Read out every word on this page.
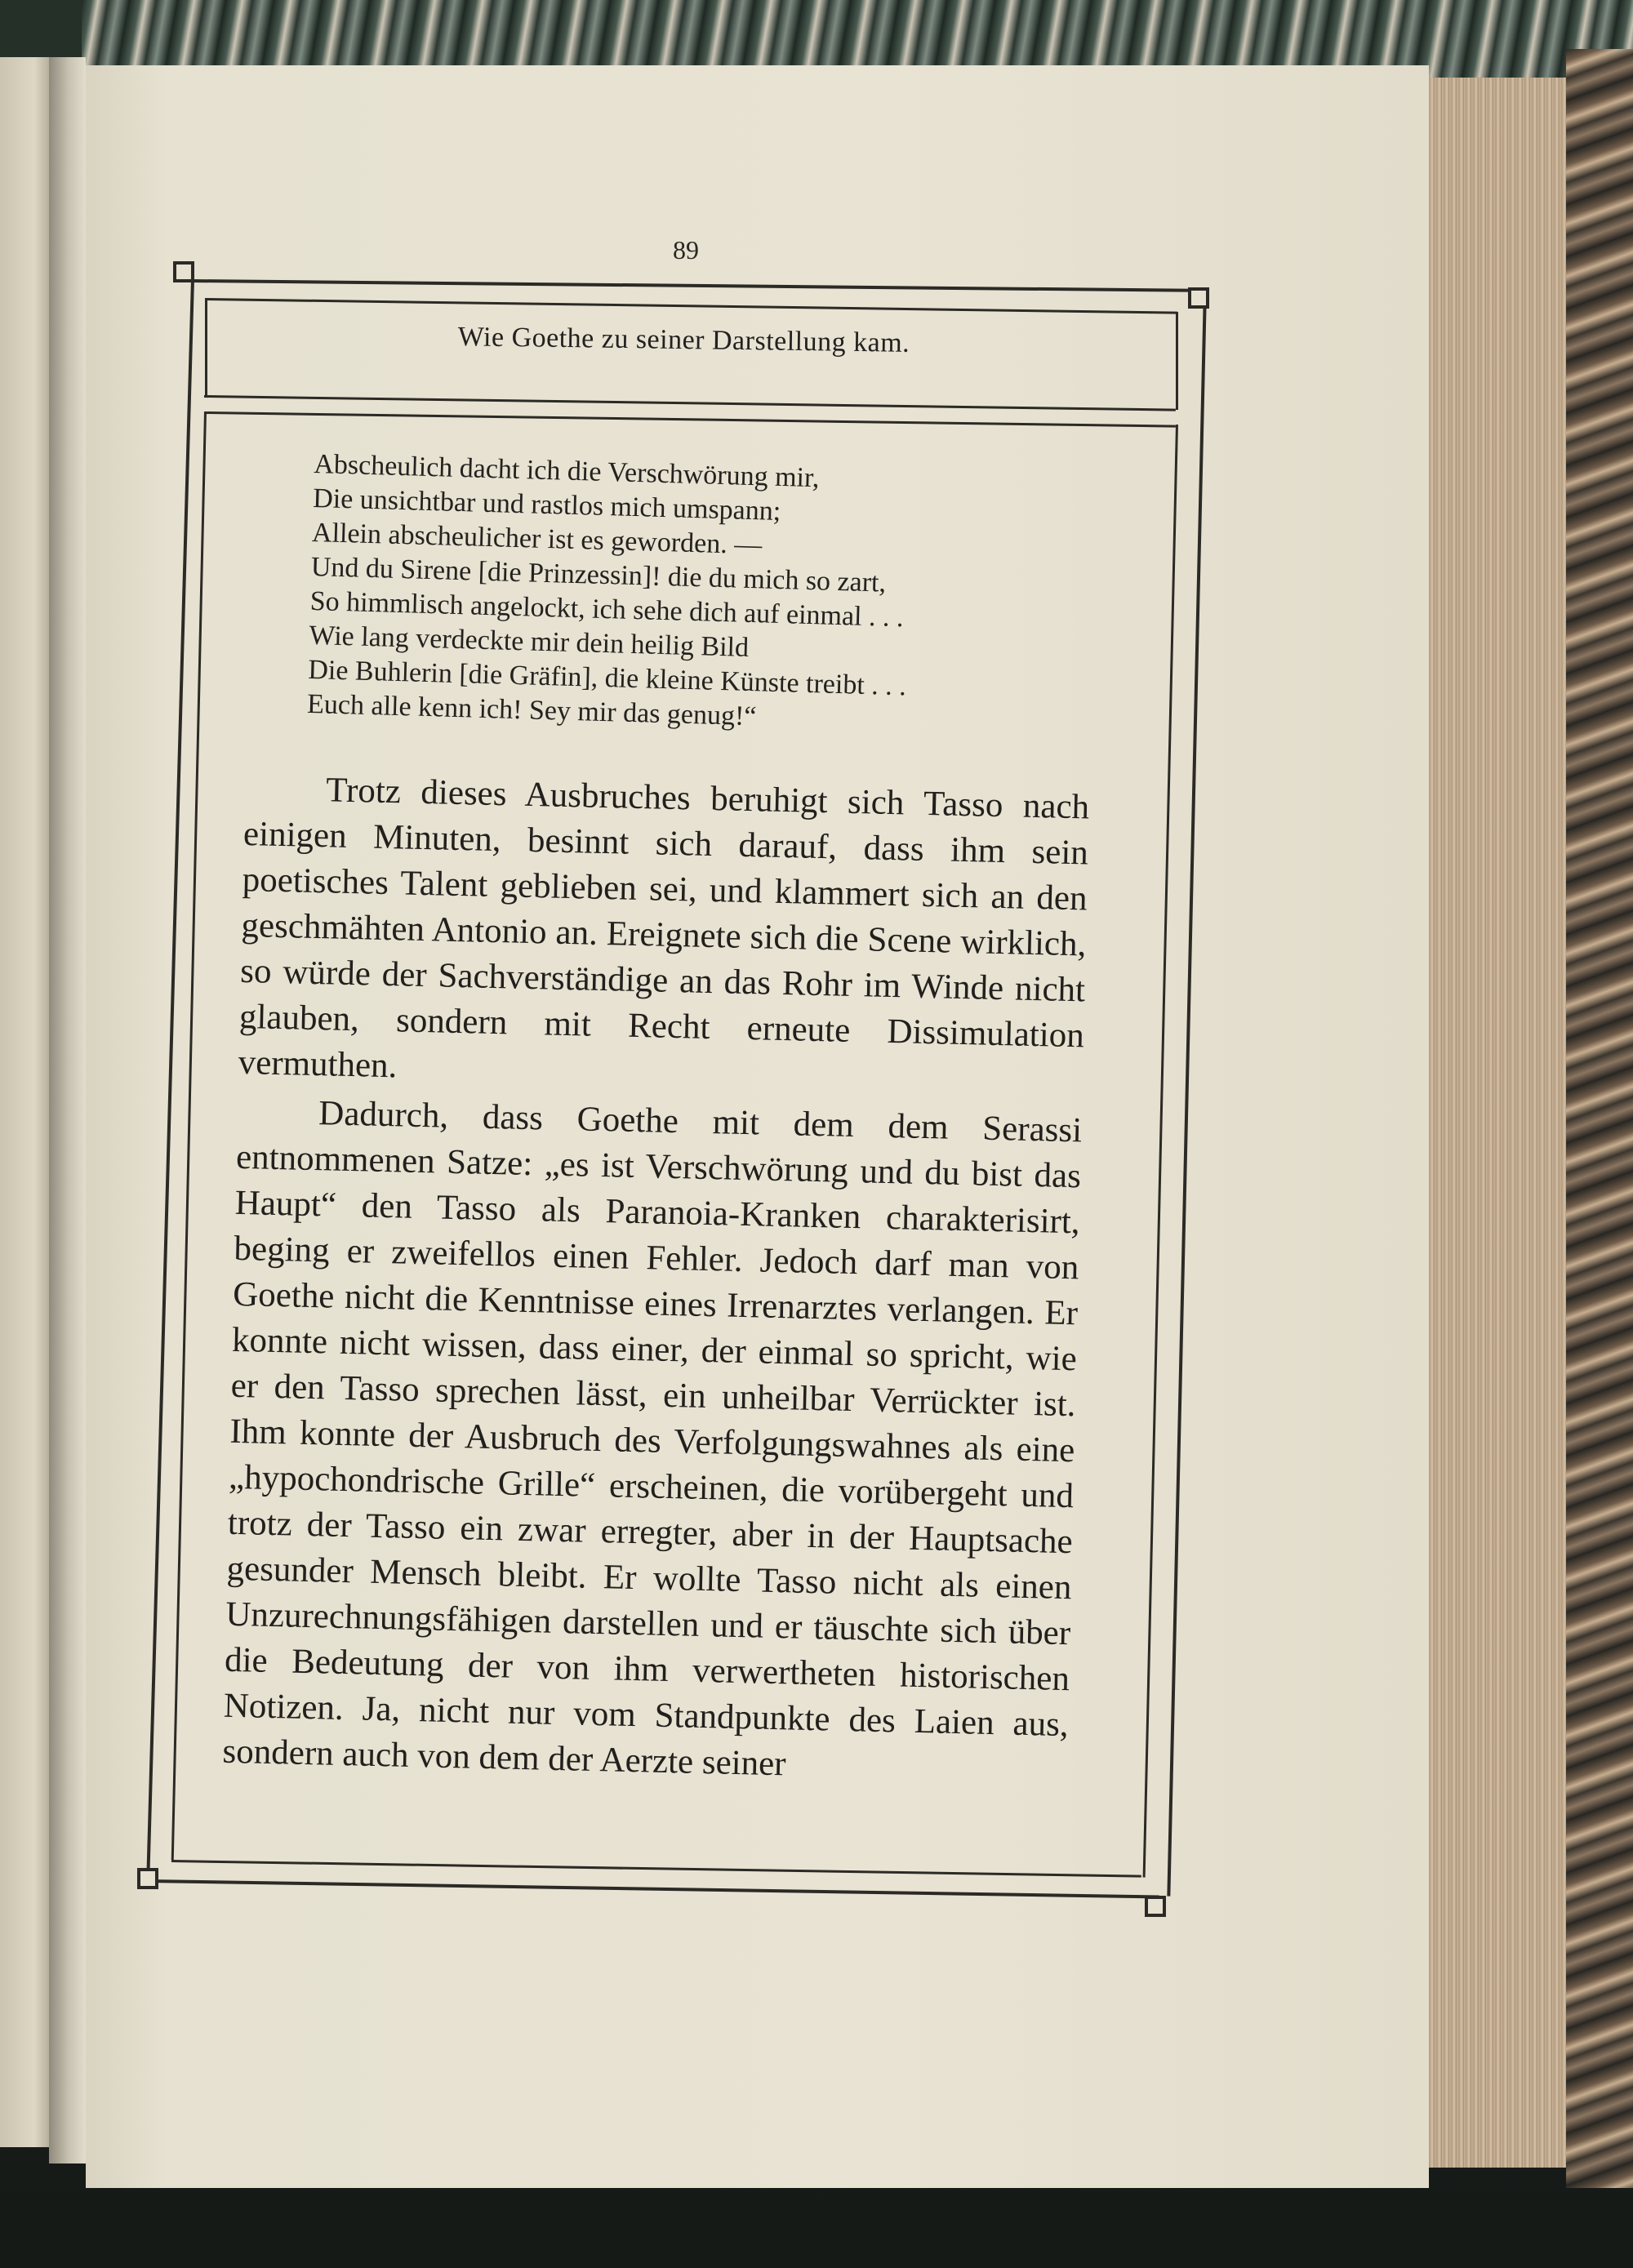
89
Wie Goethe zu seiner Darstellung kam.
Abscheulich dacht ich die Verschwörung mir,
Die unsichtbar und rastlos mich umspann;
Allein abscheulicher ist es geworden. —
Und du Sirene [die Prinzessin]! die du mich so zart,
So himmlisch angelockt, ich sehe dich auf einmal . . .
Wie lang verdeckte mir dein heilig Bild
Die Buhlerin [die Gräfin], die kleine Künste treibt . . .
Euch alle kenn ich! Sey mir das genug!“

Trotz dieses Ausbruches beruhigt sich Tasso nach einigen Minuten, besinnt sich darauf, dass ihm sein poetisches Talent geblieben sei, und klammert sich an den geschmähten Antonio an. Ereignete sich die Scene wirklich, so würde der Sachverständige an das Rohr im Winde nicht glauben, sondern mit Recht erneute Dissimulation vermuthen.

Dadurch, dass Goethe mit dem dem Serassi entnommenen Satze: „es ist Verschwörung und du bist das Haupt“ den Tasso als Paranoia-Kranken charakterisirt, beging er zweifellos einen Fehler. Jedoch darf man von Goethe nicht die Kenntnisse eines Irrenarztes verlangen. Er konnte nicht wissen, dass einer, der einmal so spricht, wie er den Tasso sprechen lässt, ein unheilbar Verrückter ist. Ihm konnte der Ausbruch des Verfolgungswahnes als eine „hypochondrische Grille“ erscheinen, die vorübergeht und trotz der Tasso ein zwar erregter, aber in der Hauptsache gesunder Mensch bleibt. Er wollte Tasso nicht als einen Unzurechnungsfähigen darstellen und er täuschte sich über die Bedeutung der von ihm verwertheten historischen Notizen. Ja, nicht nur vom Standpunkte des Laien aus, sondern auch von dem der Aerzte seiner
